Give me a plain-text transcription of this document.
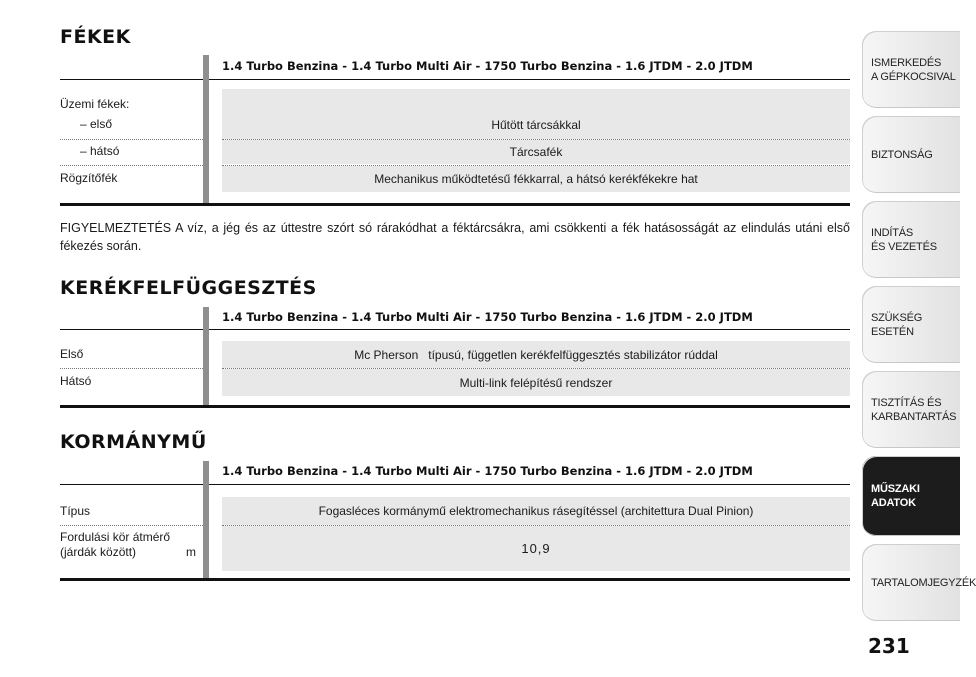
FÉKEK
1.4 Turbo Benzina - 1.4 Turbo Multi Air - 1750 Turbo Benzina - 1.6 JTDM - 2.0 JTDM
Üzemi fékek:
– első	Hűtött tárcsákkal
– hátsó	Tárcsafék
Rögzítőfék	Mechanikus működtetésű fékkarral, a hátsó kerékfékekre hat
FIGYELMEZTETÉS A víz, a jég és az úttestre szórt só rárakódhat a féktárcsákra, ami csökkenti a fék hatásosságát az elindulás utáni első fékezés során.
KERÉKFELFÜGGESZTÉS
1.4 Turbo Benzina - 1.4 Turbo Multi Air - 1750 Turbo Benzina - 1.6 JTDM - 2.0 JTDM
Első	Mc Pherson   típusú, független kerékfelfüggesztés stabilizátor rúddal
Hátsó	Multi-link felépítésű rendszer
KORMÁNYMŰ
1.4 Turbo Benzina - 1.4 Turbo Multi Air - 1750 Turbo Benzina - 1.6 JTDM - 2.0 JTDM
Típus	Fogasléces kormánymű elektromechanikus rásegítéssel (architettura Dual Pinion)
Fordulási kör átmérő
(járdák között)	m	10,9
ISMERKEDÉS
A GÉPKOCSIVAL
BIZTONSÁG
INDÍTÁS
ÉS VEZETÉS
SZÜKSÉG
ESETÉN
TISZTÍTÁS ÉS
KARBANTARTÁS
MŰSZAKI
ADATOK
TARTALOMJEGYZÉK
231
